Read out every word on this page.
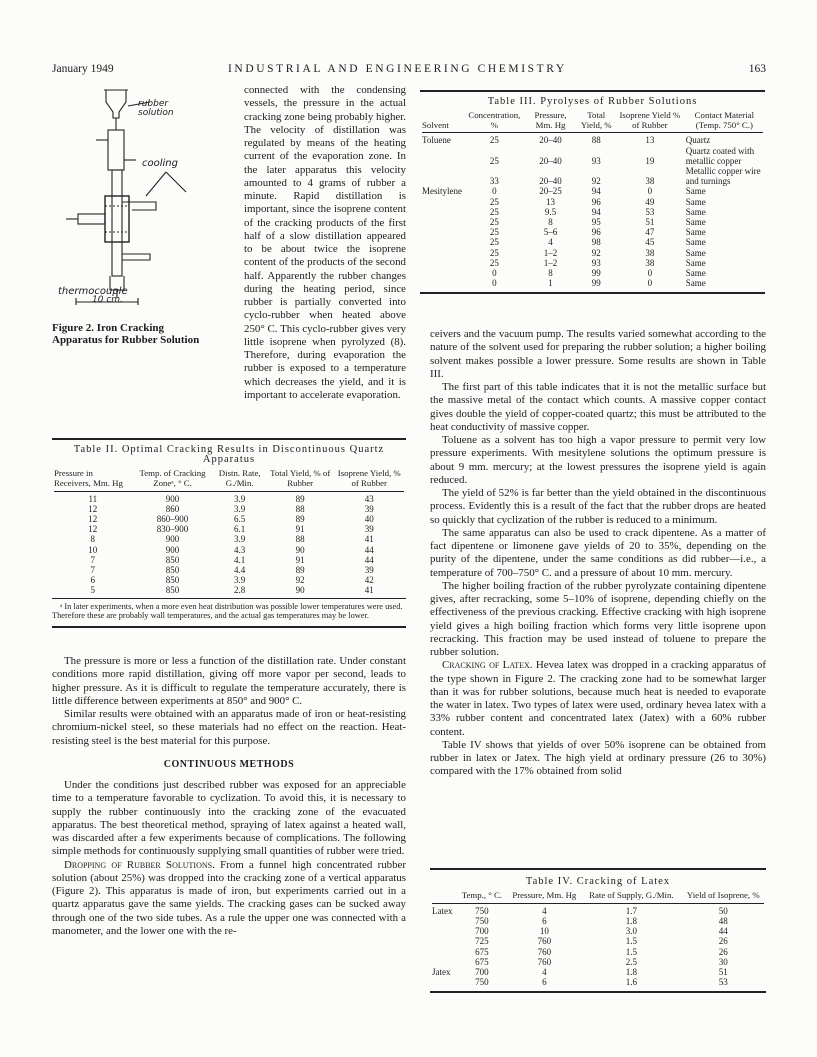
January 1949	INDUSTRIAL AND ENGINEERING CHEMISTRY	163
rubber solution
cooling
thermocouple
10 cm.
Figure 2. Iron Cracking Apparatus for Rubber Solution
connected with the condensing vessels, the pressure in the actual cracking zone being probably higher. The velocity of distillation was regulated by means of the heating current of the evaporation zone. In the later apparatus this velocity amounted to 4 grams of rubber a minute. Rapid distillation is important, since the isoprene content of the cracking products of the first half of a slow distillation appeared to be about twice the isoprene content of the products of the second half. Apparently the rubber changes during the heating period, since rubber is partially converted into cyclo-rubber when heated above 250° C. This cyclo-rubber gives very little isoprene when pyrolyzed (8). Therefore, during evaporation the rubber is exposed to a temperature which decreases the yield, and it is important to accelerate evaporation.
Table II. Optimal Cracking Results in Discontinuous Quartz Apparatus
Pressure in Receivers, Mm. Hg	Temp. of Cracking Zoneᵃ, ° C.	Distn. Rate, G./Min.	Total Yield, % of Rubber	Isoprene Yield, % of Rubber

11	900	3.9	89	43
12	860	3.9	88	39
12	860–900	6.5	89	40
12	830–900	6.1	91	39
8	900	3.9	88	41
10	900	4.3	90	44
7	850	4.1	91	44
7	850	4.4	89	39
6	850	3.9	92	42
5	850	2.8	90	41
ᵃ In later experiments, when a more even heat distribution was possible lower temperatures were used. Therefore these are probably wall temperatures, and the actual gas temperatures may be lower.

The pressure is more or less a function of the distillation rate. Under constant conditions more rapid distillation, giving off more vapor per second, leads to higher pressure. As it is difficult to regulate the temperature accurately, there is little difference between experiments at 850° and 900° C.

Similar results were obtained with an apparatus made of iron or heat-resisting chromium-nickel steel, so these materials had no effect on the reaction. Heat-resisting steel is the best material for this purpose.

CONTINUOUS METHODS

Under the conditions just described rubber was exposed for an appreciable time to a temperature favorable to cyclization. To avoid this, it is necessary to supply the rubber continuously into the cracking zone of the evacuated apparatus. The best theoretical method, spraying of latex against a heated wall, was discarded after a few experiments because of complications. The following simple methods for continuously supplying small quantities of rubber were tried.

Dropping of Rubber Solutions. From a funnel high concentrated rubber solution (about 25%) was dropped into the cracking zone of a vertical apparatus (Figure 2). This apparatus is made of iron, but experiments carried out in a quartz apparatus gave the same yields. The cracking gases can be sucked away through one of the two side tubes. As a rule the upper one was connected with a manometer, and the lower one with the re-

Table III. Pyrolyses of Rubber Solutions
Solvent	Concentration, %	Pressure, Mm. Hg	Total Yield, %	Isoprene Yield % of Rubber	Contact Material (Temp. 750° C.)

Toluene	25	20–40	88	13	Quartz
	25	20–40	93	19	Quartz coated with metallic copper
	33	20–40	92	38	Metallic copper wire and turnings
Mesitylene	0	20–25	94	0	Same
	25	13	96	49	Same
	25	9.5	94	53	Same
	25	8	95	51	Same
	25	5–6	96	47	Same
	25	4	98	45	Same
	25	1–2	92	38	Same
	25	1–2	93	38	Same
	0	8	99	0	Same
	0	1	99	0	Same

ceivers and the vacuum pump. The results varied somewhat according to the nature of the solvent used for preparing the rubber solution; a higher boiling solvent makes possible a lower pressure. Some results are shown in Table III.

The first part of this table indicates that it is not the metallic surface but the massive metal of the contact which counts. A massive copper contact gives double the yield of copper-coated quartz; this must be attributed to the heat conductivity of massive copper.

Toluene as a solvent has too high a vapor pressure to permit very low pressure experiments. With mesitylene solutions the optimum pressure is about 9 mm. mercury; at the lowest pressures the isoprene yield is again reduced.

The yield of 52% is far better than the yield obtained in the discontinuous process. Evidently this is a result of the fact that the rubber drops are heated so quickly that cyclization of the rubber is reduced to a minimum.

The same apparatus can also be used to crack dipentene. As a matter of fact dipentene or limonene gave yields of 20 to 35%, depending on the purity of the dipentene, under the same conditions as did rubber—i.e., a temperature of 700–750° C. and a pressure of about 10 mm. mercury.

The higher boiling fraction of the rubber pyrolyzate containing dipentene gives, after recracking, some 5–10% of isoprene, depending chiefly on the effectiveness of the previous cracking. Effective cracking with high isoprene yield gives a high boiling fraction which forms very little isoprene upon recracking. This fraction may be used instead of toluene to prepare the rubber solution.

Cracking of Latex. Hevea latex was dropped in a cracking apparatus of the type shown in Figure 2. The cracking zone had to be somewhat larger than it was for rubber solutions, because much heat is needed to evaporate the water in latex. Two types of latex were used, ordinary hevea latex with a 33% rubber content and concentrated latex (Jatex) with a 60% rubber content.

Table IV shows that yields of over 50% isoprene can be obtained from rubber in latex or Jatex. The high yield at ordinary pressure (26 to 30%) compared with the 17% obtained from solid

Table IV. Cracking of Latex
	Temp., ° C.	Pressure, Mm. Hg	Rate of Supply, G./Min.	Yield of Isoprene, %

Latex	750	4	1.7	50
	750	6	1.8	48
	700	10	3.0	44
	725	760	1.5	26
	675	760	1.5	26
	675	760	2.5	30
Jatex	700	4	1.8	51
	750	6	1.6	53
